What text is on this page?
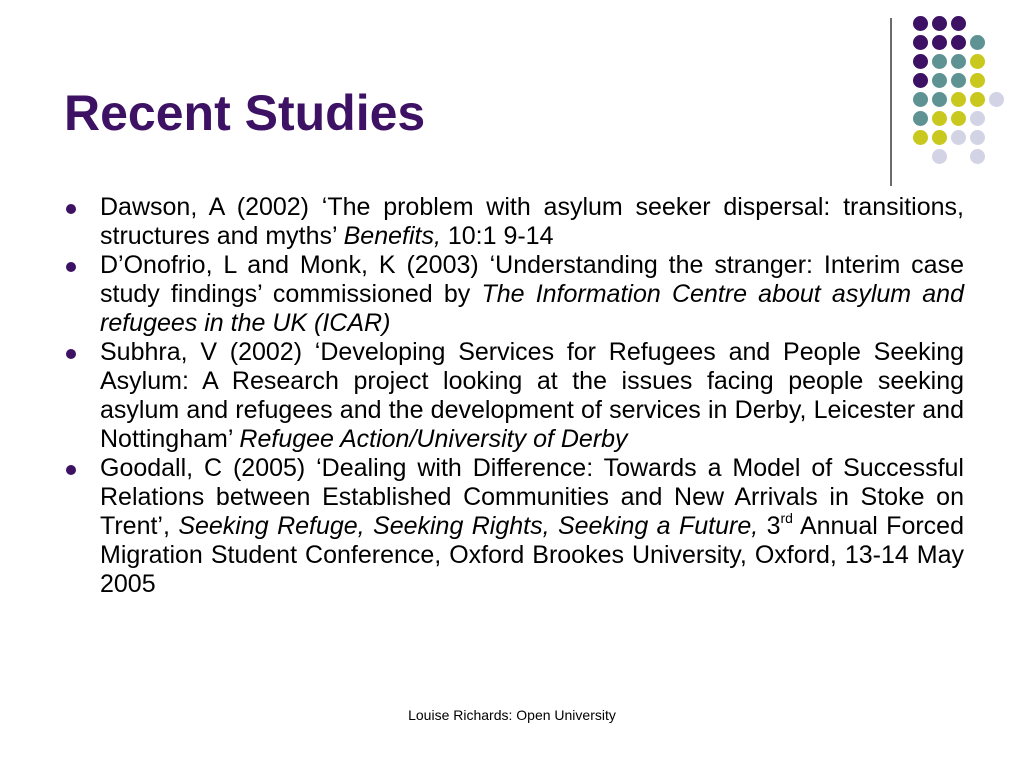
Recent Studies
Dawson, A (2002) ‘The problem with asylum seeker dispersal: transitions, structures and myths’ Benefits, 10:1 9-14
D’Onofrio, L and Monk, K (2003) ‘Understanding the stranger: Interim case study findings’ commissioned by The Information Centre about asylum and refugees in the UK (ICAR)
Subhra, V (2002) ‘Developing Services for Refugees and People Seeking Asylum: A Research project looking at the issues facing people seeking asylum and refugees and the development of services in Derby, Leicester and Nottingham’ Refugee Action/University of Derby
Goodall, C (2005) ‘Dealing with Difference: Towards a Model of Successful Relations between Established Communities and New Arrivals in Stoke on Trent’, Seeking Refuge, Seeking Rights, Seeking a Future, 3rd Annual Forced Migration Student Conference, Oxford Brookes University, Oxford, 13-14 May 2005
Louise Richards: Open University
